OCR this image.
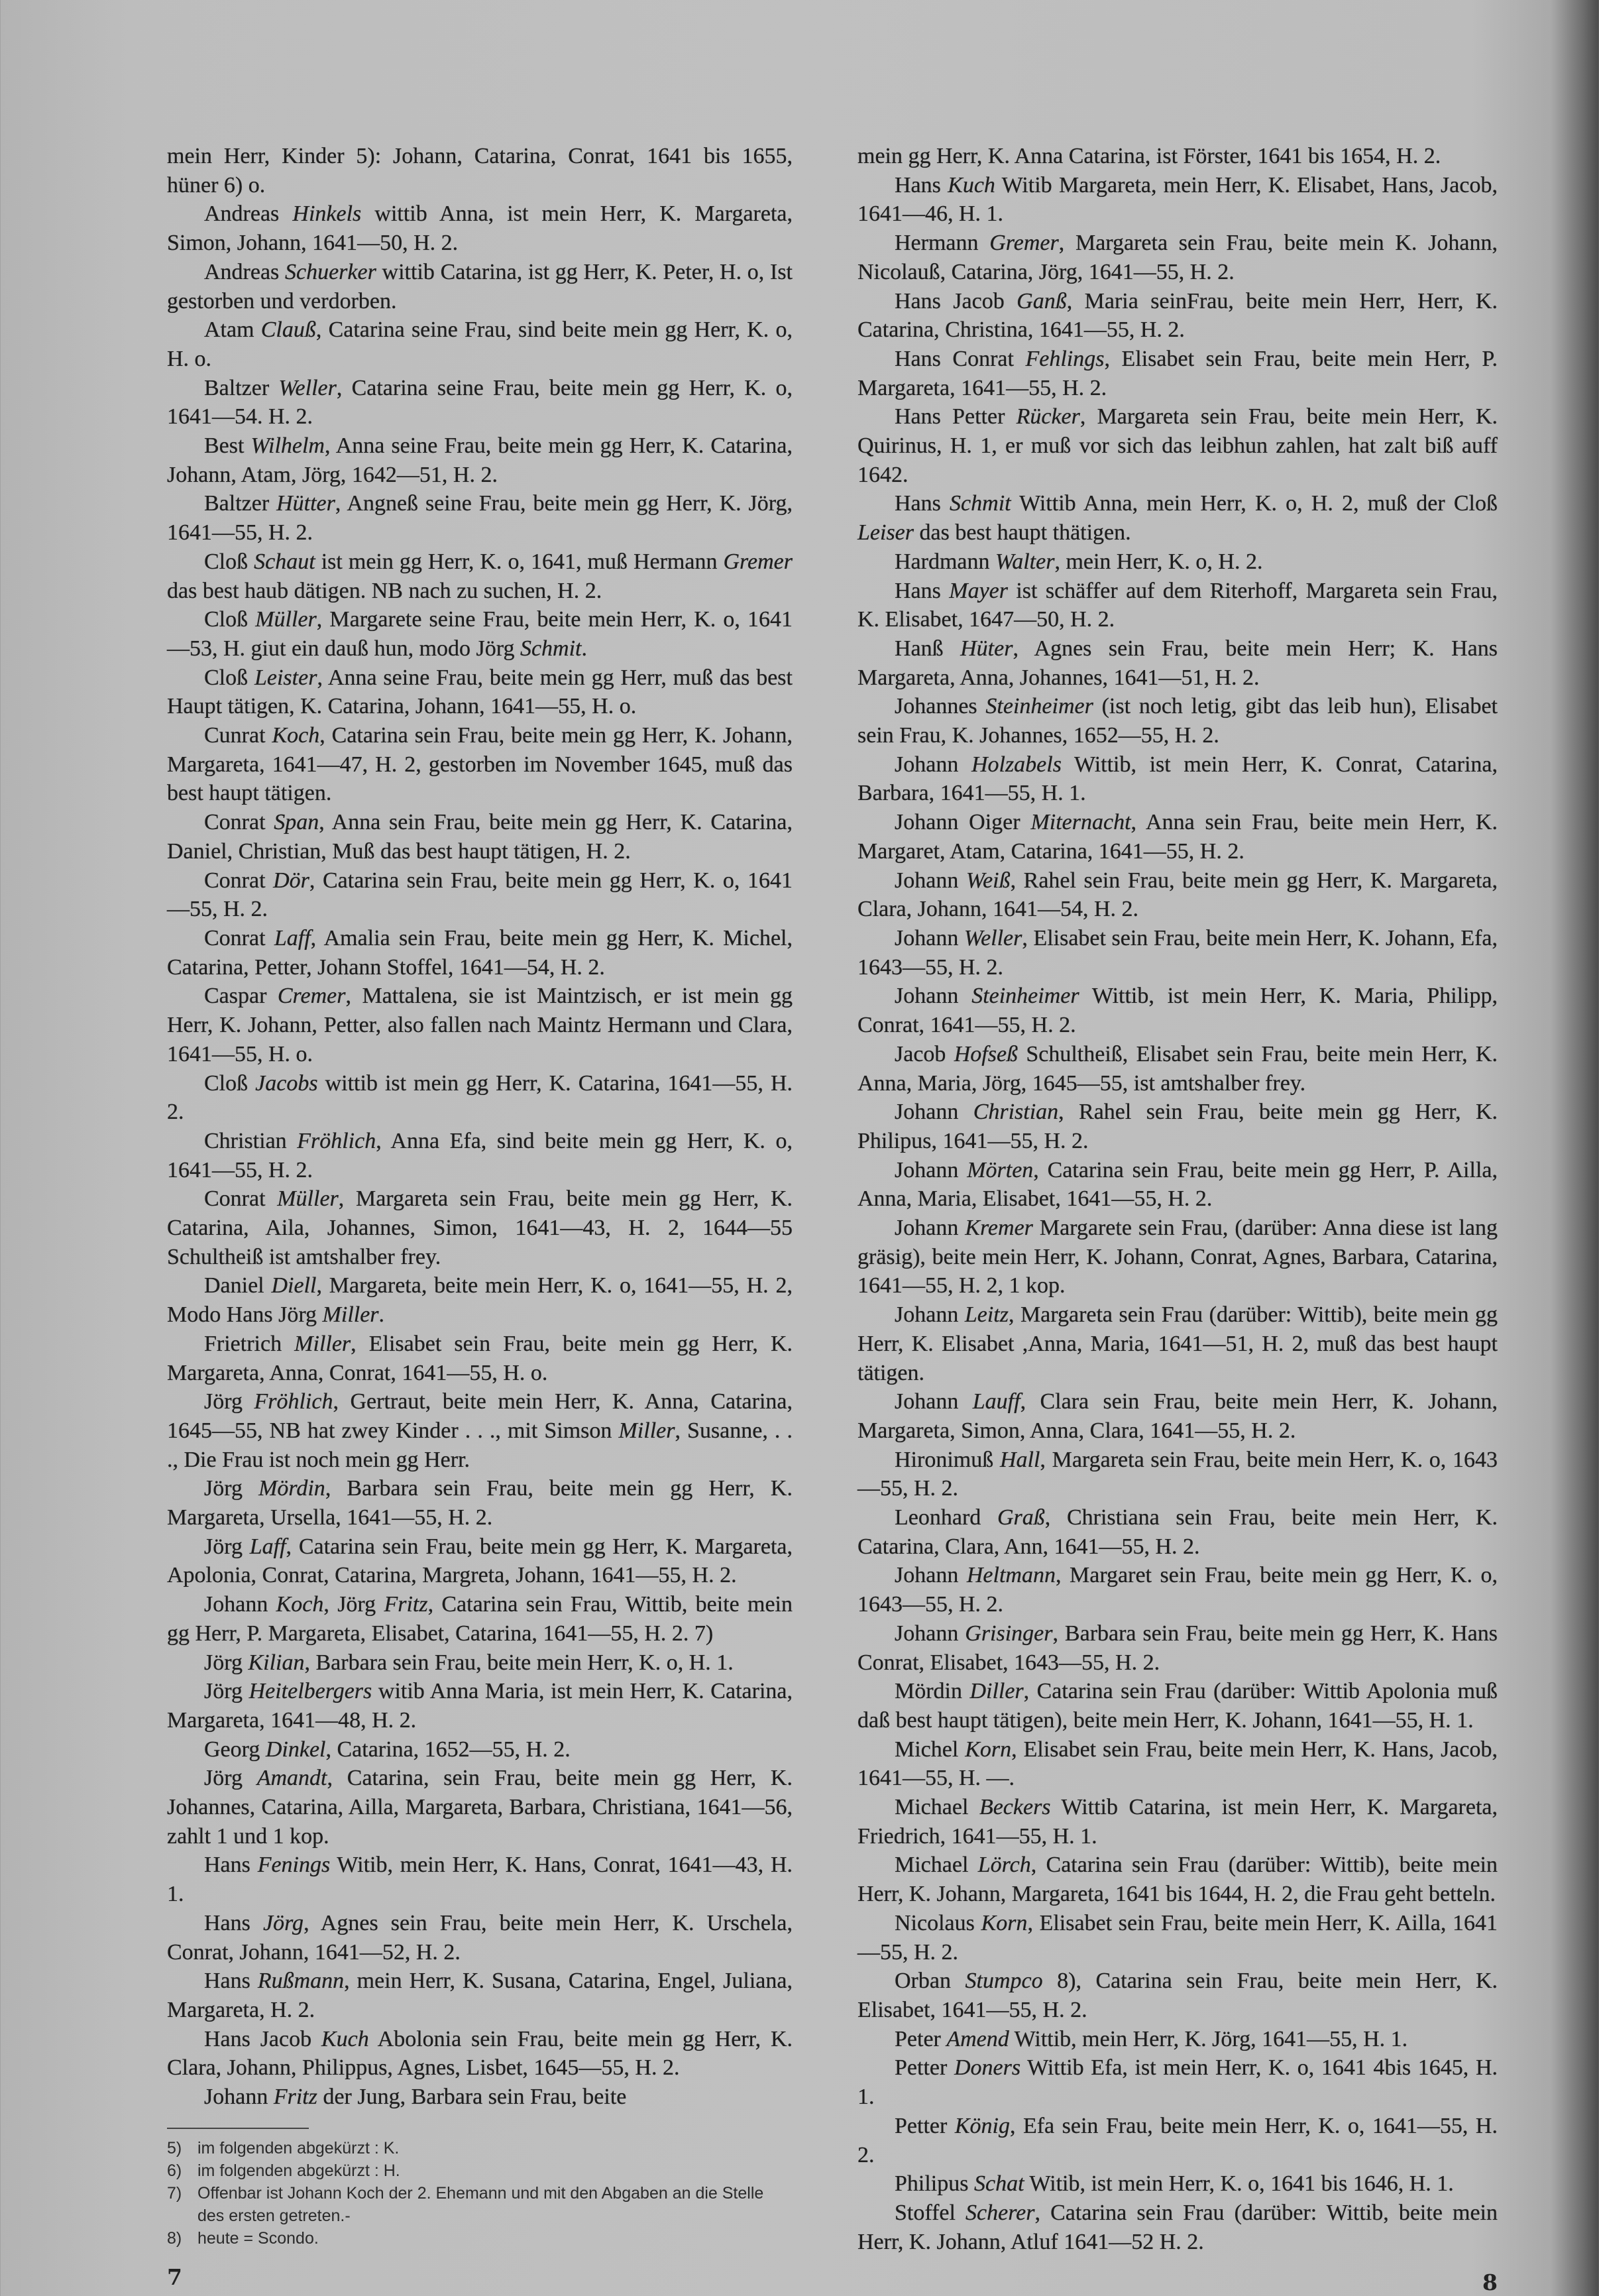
mein Herr, Kinder 5): Johann, Catarina, Conrat, 1641 bis 1655, hüner 6) o.

Andreas Hinkels wittib Anna, ist mein Herr, K. Margareta, Simon, Johann, 1641—50, H. 2.

Andreas Schuerker wittib Catarina, ist gg Herr, K. Peter, H. o, Ist gestorben und verdorben.

Atam Clauß, Catarina seine Frau, sind beite mein gg Herr, K. o, H. o.

Baltzer Weller, Catarina seine Frau, beite mein gg Herr, K. o, 1641—54. H. 2.

Best Wilhelm, Anna seine Frau, beite mein gg Herr, K. Catarina, Johann, Atam, Jörg, 1642—51, H. 2.

Baltzer Hütter, Angneß seine Frau, beite mein gg Herr, K. Jörg, 1641—55, H. 2.

Cloß Schaut ist mein gg Herr, K. o, 1641, muß Hermann Gremer das best haub dätigen. NB nach zu suchen, H. 2.

Cloß Müller, Margarete seine Frau, beite mein Herr, K. o, 1641—53, H. giut ein dauß hun, modo Jörg Schmit.

Cloß Leister, Anna seine Frau, beite mein gg Herr, muß das best Haupt tätigen, K. Catarina, Johann, 1641—55, H. o.

Cunrat Koch, Catarina sein Frau, beite mein gg Herr, K. Johann, Margareta, 1641—47, H. 2, gestorben im November 1645, muß das best haupt tätigen.

Conrat Span, Anna sein Frau, beite mein gg Herr, K. Catarina, Daniel, Christian, Muß das best haupt tätigen, H. 2.

Conrat Dör, Catarina sein Frau, beite mein gg Herr, K. o, 1641—55, H. 2.

Conrat Laff, Amalia sein Frau, beite mein gg Herr, K. Michel, Catarina, Petter, Johann Stoffel, 1641—54, H. 2.

Caspar Cremer, Mattalena, sie ist Maintzisch, er ist mein gg Herr, K. Johann, Petter, also fallen nach Maintz Hermann und Clara, 1641—55, H. o.

Cloß Jacobs wittib ist mein gg Herr, K. Catarina, 1641—55, H. 2.

Christian Fröhlich, Anna Efa, sind beite mein gg Herr, K. o, 1641—55, H. 2.

Conrat Müller, Margareta sein Frau, beite mein gg Herr, K. Catarina, Aila, Johannes, Simon, 1641—43, H. 2, 1644—55 Schultheiß ist amtshalber frey.

Daniel Diell, Margareta, beite mein Herr, K. o, 1641—55, H. 2, Modo Hans Jörg Miller.

Frietrich Miller, Elisabet sein Frau, beite mein gg Herr, K. Margareta, Anna, Conrat, 1641—55, H. o.

Jörg Fröhlich, Gertraut, beite mein Herr, K. Anna, Catarina, 1645—55, NB hat zwey Kinder . . ., mit Simson Miller, Susanne, . . ., Die Frau ist noch mein gg Herr.

Jörg Mördin, Barbara sein Frau, beite mein gg Herr, K. Margareta, Ursella, 1641—55, H. 2.

Jörg Laff, Catarina sein Frau, beite mein gg Herr, K. Margareta, Apolonia, Conrat, Catarina, Margreta, Johann, 1641—55, H. 2.

Johann Koch, Jörg Fritz, Catarina sein Frau, Wittib, beite mein gg Herr, P. Margareta, Elisabet, Catarina, 1641—55, H. 2. 7)

Jörg Kilian, Barbara sein Frau, beite mein Herr, K. o, H. 1.

Jörg Heitelbergers witib Anna Maria, ist mein Herr, K. Catarina, Margareta, 1641—48, H. 2.

Georg Dinkel, Catarina, 1652—55, H. 2.

Jörg Amandt, Catarina, sein Frau, beite mein gg Herr, K. Johannes, Catarina, Ailla, Margareta, Barbara, Christiana, 1641—56, zahlt 1 und 1 kop.

Hans Fenings Witib, mein Herr, K. Hans, Conrat, 1641—43, H. 1.

Hans Jörg, Agnes sein Frau, beite mein Herr, K. Urschela, Conrat, Johann, 1641—52, H. 2.

Hans Rußmann, mein Herr, K. Susana, Catarina, Engel, Juliana, Margareta, H. 2.

Hans Jacob Kuch Abolonia sein Frau, beite mein gg Herr, K. Clara, Johann, Philippus, Agnes, Lisbet, 1645—55, H. 2.

Johann Fritz der Jung, Barbara sein Frau, beite

5) im folgenden abgekürzt : K.
6) im folgenden abgekürzt : H.
7) Offenbar ist Johann Koch der 2. Ehemann und mit den Abgaben an die Stelle des ersten getreten.-
8) heute = Scondo.
7

mein gg Herr, K. Anna Catarina, ist Förster, 1641 bis 1654, H. 2.

Hans Kuch Witib Margareta, mein Herr, K. Elisabet, Hans, Jacob, 1641—46, H. 1.

Hermann Gremer, Margareta sein Frau, beite mein K. Johann, Nicolauß, Catarina, Jörg, 1641—55, H. 2.

Hans Jacob Ganß, Maria seinFrau, beite mein Herr, Herr, K. Catarina, Christina, 1641—55, H. 2.

Hans Conrat Fehlings, Elisabet sein Frau, beite mein Herr, P. Margareta, 1641—55, H. 2.

Hans Petter Rücker, Margareta sein Frau, beite mein Herr, K. Quirinus, H. 1, er muß vor sich das leibhun zahlen, hat zalt biß auff 1642.

Hans Schmit Wittib Anna, mein Herr, K. o, H. 2, muß der Cloß Leiser das best haupt thätigen.

Hardmann Walter, mein Herr, K. o, H. 2.

Hans Mayer ist schäffer auf dem Riterhoff, Margareta sein Frau, K. Elisabet, 1647—50, H. 2.

Hanß Hüter, Agnes sein Frau, beite mein Herr; K. Hans Margareta, Anna, Johannes, 1641—51, H. 2.

Johannes Steinheimer (ist noch letig, gibt das leib hun), Elisabet sein Frau, K. Johannes, 1652—55, H. 2.

Johann Holzabels Wittib, ist mein Herr, K. Conrat, Catarina, Barbara, 1641—55, H. 1.

Johann Oiger Miternacht, Anna sein Frau, beite mein Herr, K. Margaret, Atam, Catarina, 1641—55, H. 2.

Johann Weiß, Rahel sein Frau, beite mein gg Herr, K. Margareta, Clara, Johann, 1641—54, H. 2.

Johann Weller, Elisabet sein Frau, beite mein Herr, K. Johann, Efa, 1643—55, H. 2.

Johann Steinheimer Wittib, ist mein Herr, K. Maria, Philipp, Conrat, 1641—55, H. 2.

Jacob Hofseß Schultheiß, Elisabet sein Frau, beite mein Herr, K. Anna, Maria, Jörg, 1645—55, ist amtshalber frey.

Johann Christian, Rahel sein Frau, beite mein gg Herr, K. Philipus, 1641—55, H. 2.

Johann Mörten, Catarina sein Frau, beite mein gg Herr, P. Ailla, Anna, Maria, Elisabet, 1641—55, H. 2.

Johann Kremer Margarete sein Frau, (darüber: Anna diese ist lang gräsig), beite mein Herr, K. Johann, Conrat, Agnes, Barbara, Catarina, 1641—55, H. 2, 1 kop.

Johann Leitz, Margareta sein Frau (darüber: Wittib), beite mein gg Herr, K. Elisabet ,Anna, Maria, 1641—51, H. 2, muß das best haupt tätigen.

Johann Lauff, Clara sein Frau, beite mein Herr, K. Johann, Margareta, Simon, Anna, Clara, 1641—55, H. 2.

Hironimuß Hall, Margareta sein Frau, beite mein Herr, K. o, 1643—55, H. 2.

Leonhard Graß, Christiana sein Frau, beite mein Herr, K. Catarina, Clara, Ann, 1641—55, H. 2.

Johann Heltmann, Margaret sein Frau, beite mein gg Herr, K. o, 1643—55, H. 2.

Johann Grisinger, Barbara sein Frau, beite mein gg Herr, K. Hans Conrat, Elisabet, 1643—55, H. 2.

Mördin Diller, Catarina sein Frau (darüber: Wittib Apolonia muß daß best haupt tätigen), beite mein Herr, K. Johann, 1641—55, H. 1.

Michel Korn, Elisabet sein Frau, beite mein Herr, K. Hans, Jacob, 1641—55, H. —.

Michael Beckers Wittib Catarina, ist mein Herr, K. Margareta, Friedrich, 1641—55, H. 1.

Michael Lörch, Catarina sein Frau (darüber: Wittib), beite mein Herr, K. Johann, Margareta, 1641 bis 1644, H. 2, die Frau geht betteln.

Nicolaus Korn, Elisabet sein Frau, beite mein Herr, K. Ailla, 1641—55, H. 2.

Orban Stumpco 8), Catarina sein Frau, beite mein Herr, K. Elisabet, 1641—55, H. 2.

Peter Amend Wittib, mein Herr, K. Jörg, 1641—55, H. 1.

Petter Doners Wittib Efa, ist mein Herr, K. o, 1641 4bis 1645, H. 1.

Petter König, Efa sein Frau, beite mein Herr, K. o, 1641—55, H. 2.

Philipus Schat Witib, ist mein Herr, K. o, 1641 bis 1646, H. 1.

Stoffel Scherer, Catarina sein Frau (darüber: Wittib, beite mein Herr, K. Johann, Atluf 1641—52 H. 2.

8
